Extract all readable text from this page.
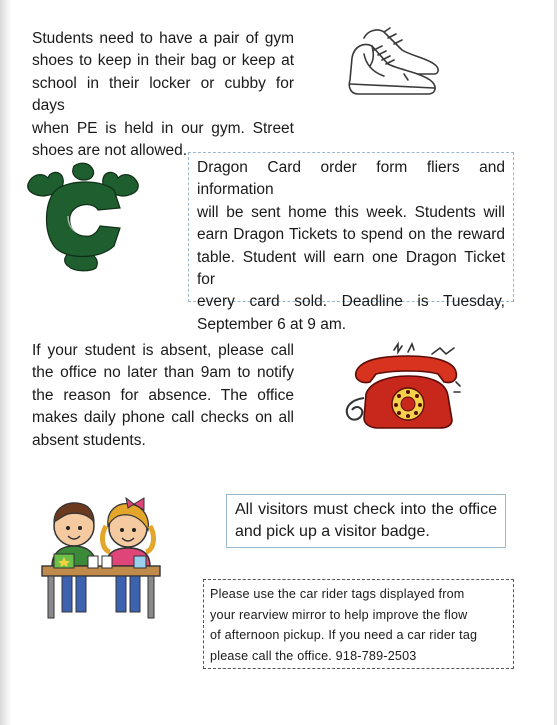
Students need to have a pair of gym
shoes to keep in their bag or keep at
school in their locker or cubby for days
when PE is held in our gym. Street
shoes are not allowed.
Dragon Card order form fliers and information
will be sent home this week. Students will
earn Dragon Tickets to spend on the reward
table. Student will earn one Dragon Ticket for
every card sold. Deadline is Tuesday,
September 6 at 9 am.
If your student is absent, please call
the office no later than 9am to notify
the reason for absence. The office
makes daily phone call checks on all
absent students.
All visitors must check into the office
and pick up a visitor badge.
Please use the car rider tags displayed from
your rearview mirror to help improve the flow
of afternoon pickup. If you need a car rider tag
please call the office. 918-789-2503
